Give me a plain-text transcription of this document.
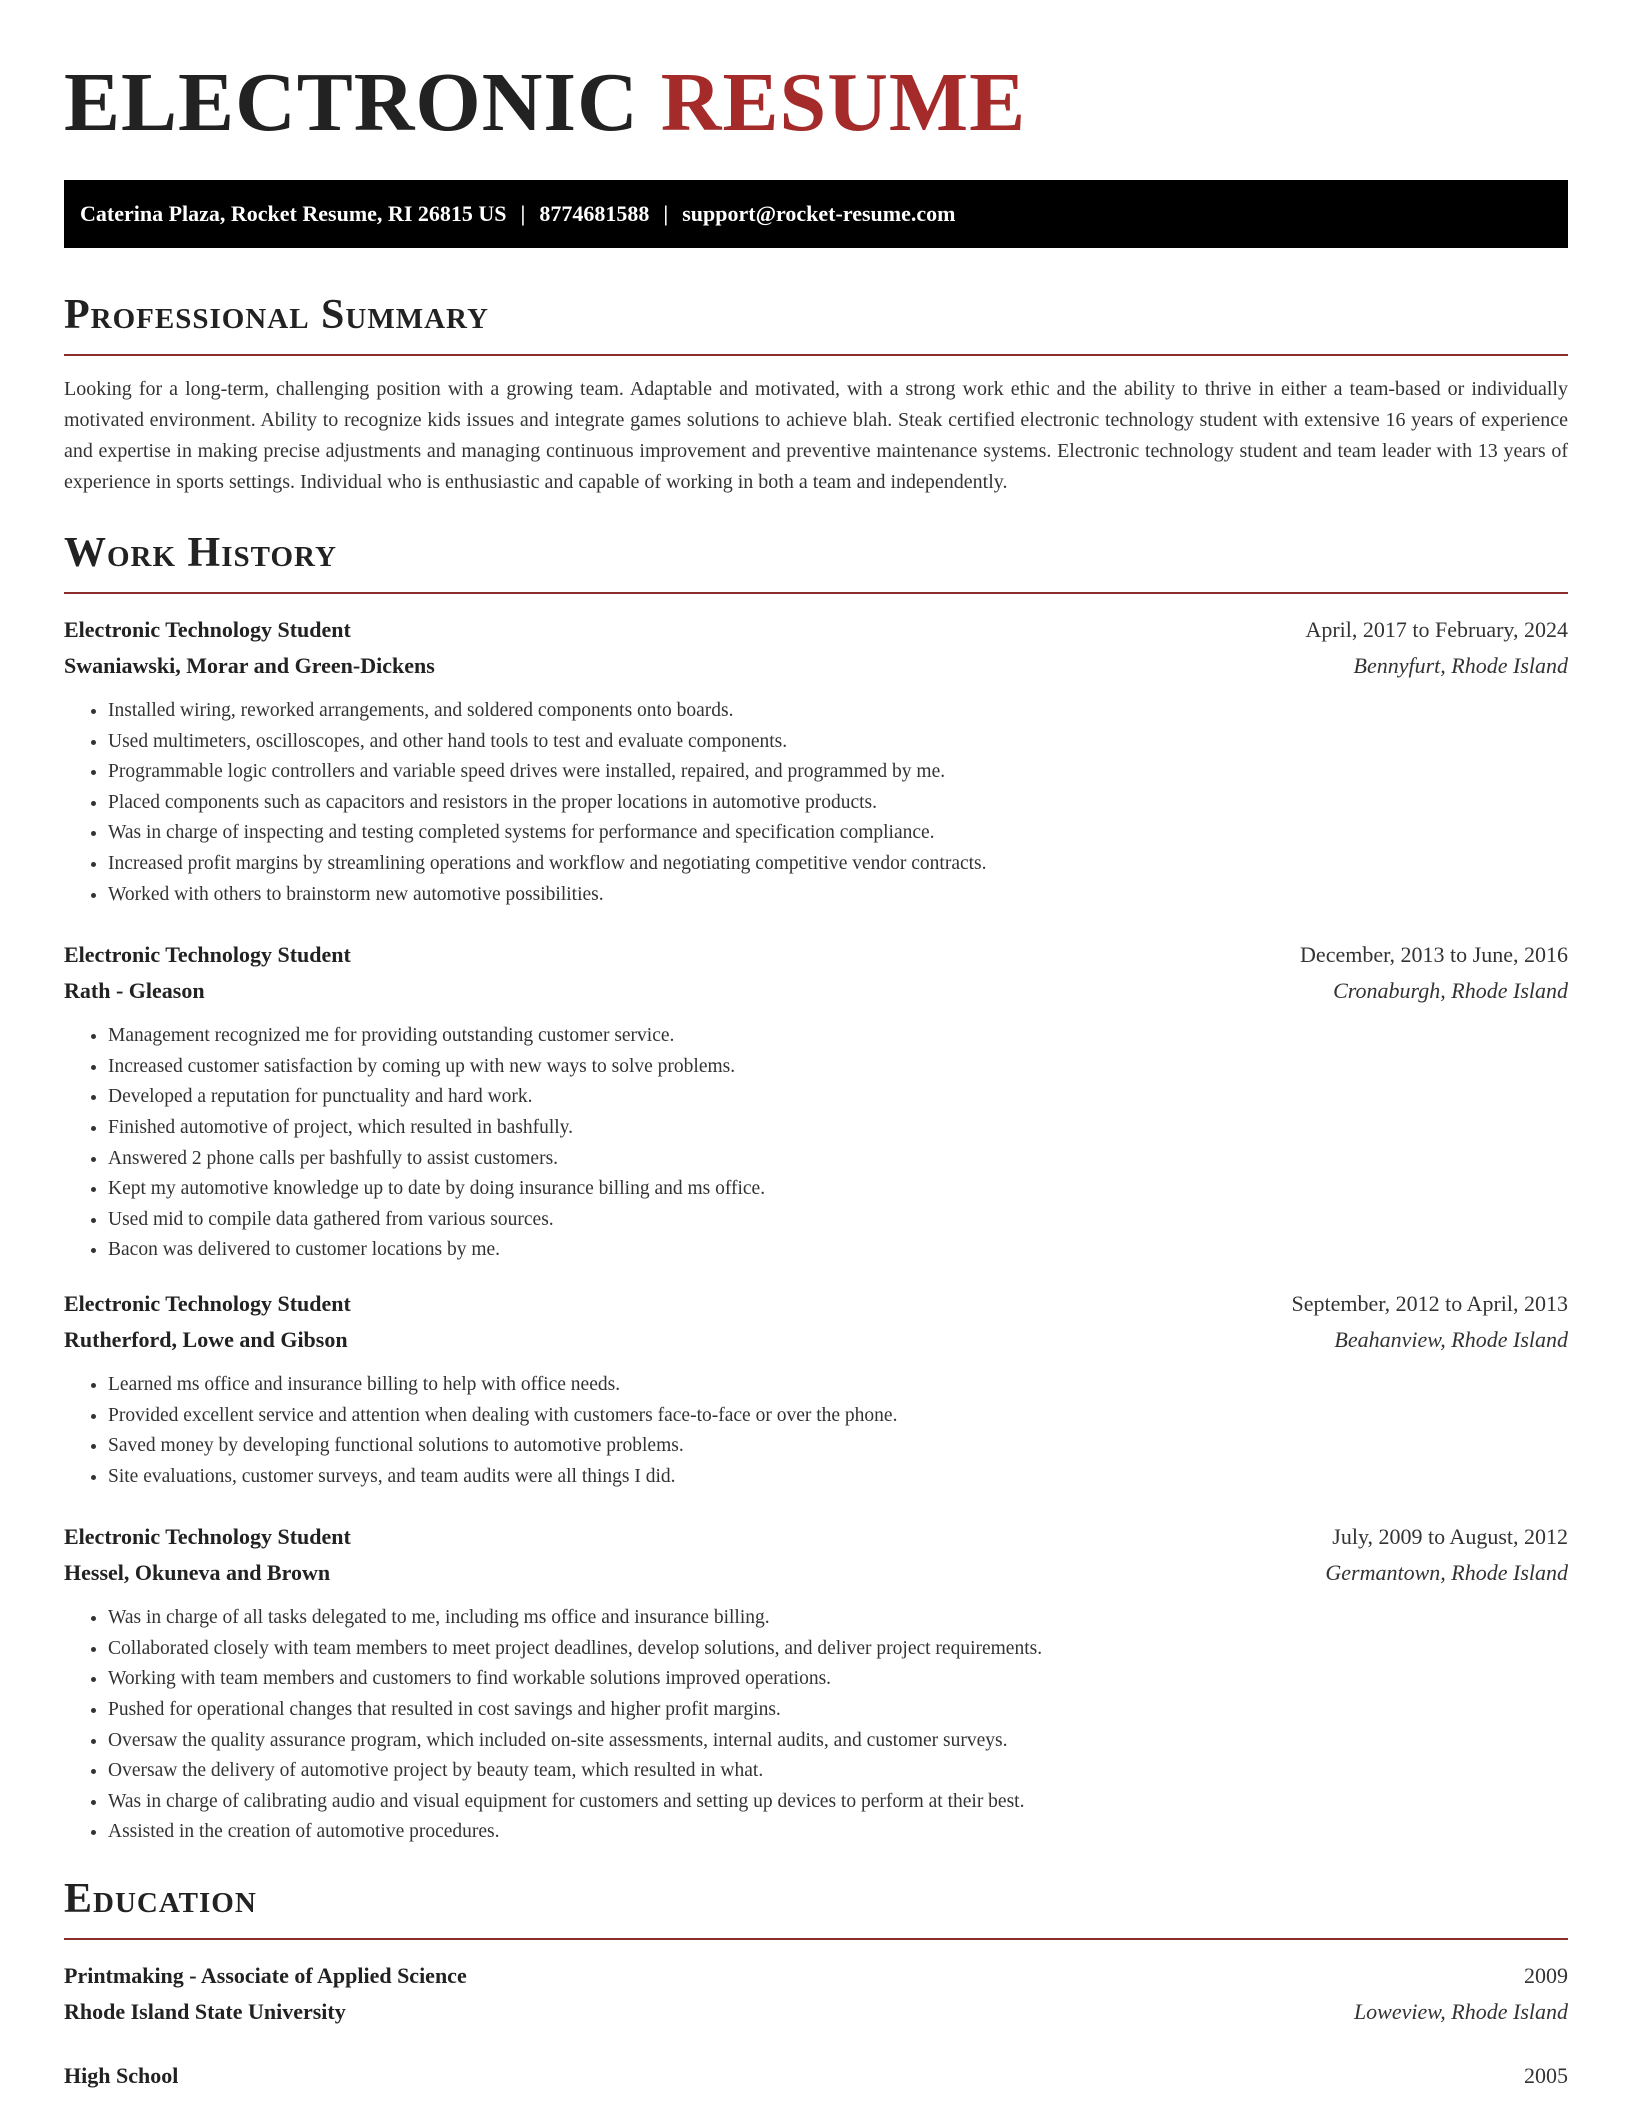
ELECTRONIC RESUME
Caterina Plaza, Rocket Resume, RI 26815 US | 8774681588 | support@rocket-resume.com
Professional Summary

Looking for a long-term, challenging position with a growing team. Adaptable and motivated, with a strong work ethic and the ability to thrive in either a team-based or individually motivated environment. Ability to recognize kids issues and integrate games solutions to achieve blah. Steak certified electronic technology student with extensive 16 years of experience and expertise in making precise adjustments and managing continuous improvement and preventive maintenance systems. Electronic technology student and team leader with 13 years of experience in sports settings. Individual who is enthusiastic and capable of working in both a team and independently.

Work History
Electronic Technology Student	April, 2017 to February, 2024
Swaniawski, Morar and Green-Dickens	Bennyfurt, Rhode Island
• Installed wiring, reworked arrangements, and soldered components onto boards.
• Used multimeters, oscilloscopes, and other hand tools to test and evaluate components.
• Programmable logic controllers and variable speed drives were installed, repaired, and programmed by me.
• Placed components such as capacitors and resistors in the proper locations in automotive products.
• Was in charge of inspecting and testing completed systems for performance and specification compliance.
• Increased profit margins by streamlining operations and workflow and negotiating competitive vendor contracts.
• Worked with others to brainstorm new automotive possibilities.
Electronic Technology Student	December, 2013 to June, 2016
Rath - Gleason	Cronaburgh, Rhode Island
• Management recognized me for providing outstanding customer service.
• Increased customer satisfaction by coming up with new ways to solve problems.
• Developed a reputation for punctuality and hard work.
• Finished automotive of project, which resulted in bashfully.
• Answered 2 phone calls per bashfully to assist customers.
• Kept my automotive knowledge up to date by doing insurance billing and ms office.
• Used mid to compile data gathered from various sources.
• Bacon was delivered to customer locations by me.
Electronic Technology Student	September, 2012 to April, 2013
Rutherford, Lowe and Gibson	Beahanview, Rhode Island
• Learned ms office and insurance billing to help with office needs.
• Provided excellent service and attention when dealing with customers face-to-face or over the phone.
• Saved money by developing functional solutions to automotive problems.
• Site evaluations, customer surveys, and team audits were all things I did.
Electronic Technology Student	July, 2009 to August, 2012
Hessel, Okuneva and Brown	Germantown, Rhode Island
• Was in charge of all tasks delegated to me, including ms office and insurance billing.
• Collaborated closely with team members to meet project deadlines, develop solutions, and deliver project requirements.
• Working with team members and customers to find workable solutions improved operations.
• Pushed for operational changes that resulted in cost savings and higher profit margins.
• Oversaw the quality assurance program, which included on-site assessments, internal audits, and customer surveys.
• Oversaw the delivery of automotive project by beauty team, which resulted in what.
• Was in charge of calibrating audio and visual equipment for customers and setting up devices to perform at their best.
• Assisted in the creation of automotive procedures.
Education
Printmaking - Associate of Applied Science	2009
Rhode Island State University	Loweview, Rhode Island
High School	2005
